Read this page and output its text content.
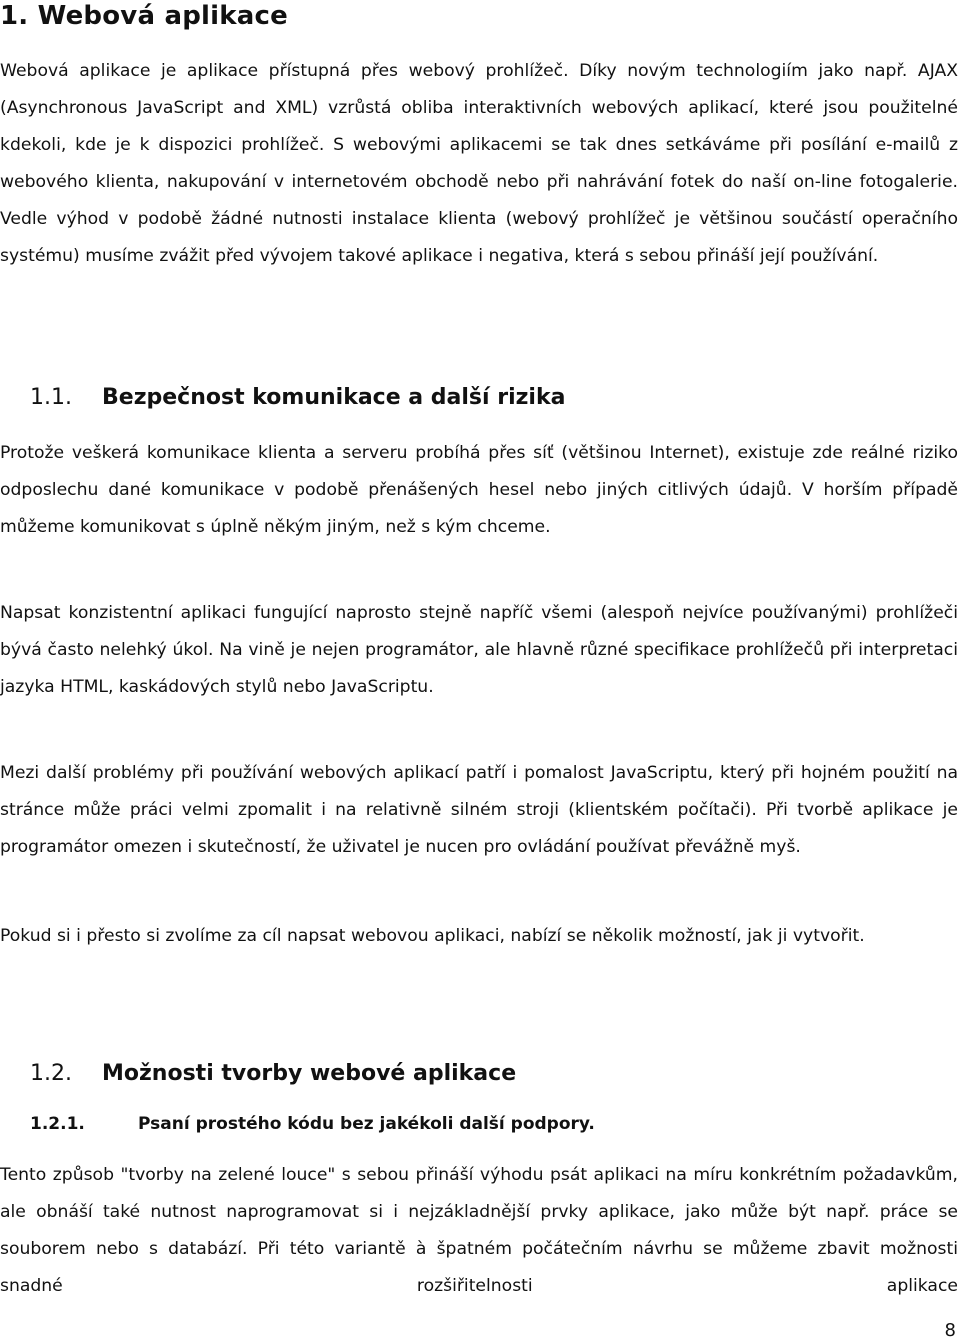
1. Webová aplikace

Webová aplikace je aplikace přístupná přes webový prohlížeč. Díky novým technologiím jako např. AJAX (Asynchronous JavaScript and XML) vzrůstá obliba interaktivních webových aplikací, které jsou použitelné kdekoli, kde je k dispozici prohlížeč. S webovými aplikacemi se tak dnes setkáváme při posílání e-mailů z webového klienta, nakupování v internetovém obchodě nebo při nahrávání fotek do naší on-line fotogalerie. Vedle výhod v podobě žádné nutnosti instalace klienta (webový prohlížeč je většinou součástí operačního systému) musíme zvážit před vývojem takové aplikace i negativa, která s sebou přináší její používání.

1.1. Bezpečnost komunikace a další rizika

Protože veškerá komunikace klienta a serveru probíhá přes síť (většinou Internet), existuje zde reálné riziko odposlechu dané komunikace v podobě přenášených hesel nebo jiných citlivých údajů. V horším případě můžeme komunikovat s úplně někým jiným, než s kým chceme.

Napsat konzistentní aplikaci fungující naprosto stejně napříč všemi (alespoň nejvíce používanými) prohlížeči bývá často nelehký úkol. Na vině je nejen programátor, ale hlavně různé specifikace prohlížečů při interpretaci jazyka HTML, kaskádových stylů nebo JavaScriptu.

Mezi další problémy při používání webových aplikací patří i pomalost JavaScriptu, který při hojném použití na stránce může práci velmi zpomalit i na relativně silném stroji (klientském počítači). Při tvorbě aplikace je programátor omezen i skutečností, že uživatel je nucen pro ovládání používat převážně myš.

Pokud si i přesto si zvolíme za cíl napsat webovou aplikaci, nabízí se několik možností, jak ji vytvořit.

1.2. Možnosti tvorby webové aplikace
1.2.1.	Psaní prostého kódu bez jakékoli další podpory.

Tento způsob "tvorby na zelené louce" s sebou přináší výhodu psát aplikaci na míru konkrétním požadavkům, ale obnáší také nutnost naprogramovat si i nejzákladnější prvky aplikace, jako může být např. práce se souborem nebo s databází. Při této variantě à špatném počátečním návrhu se můžeme zbavit možnosti snadné rozšiřitelnosti aplikace

8
